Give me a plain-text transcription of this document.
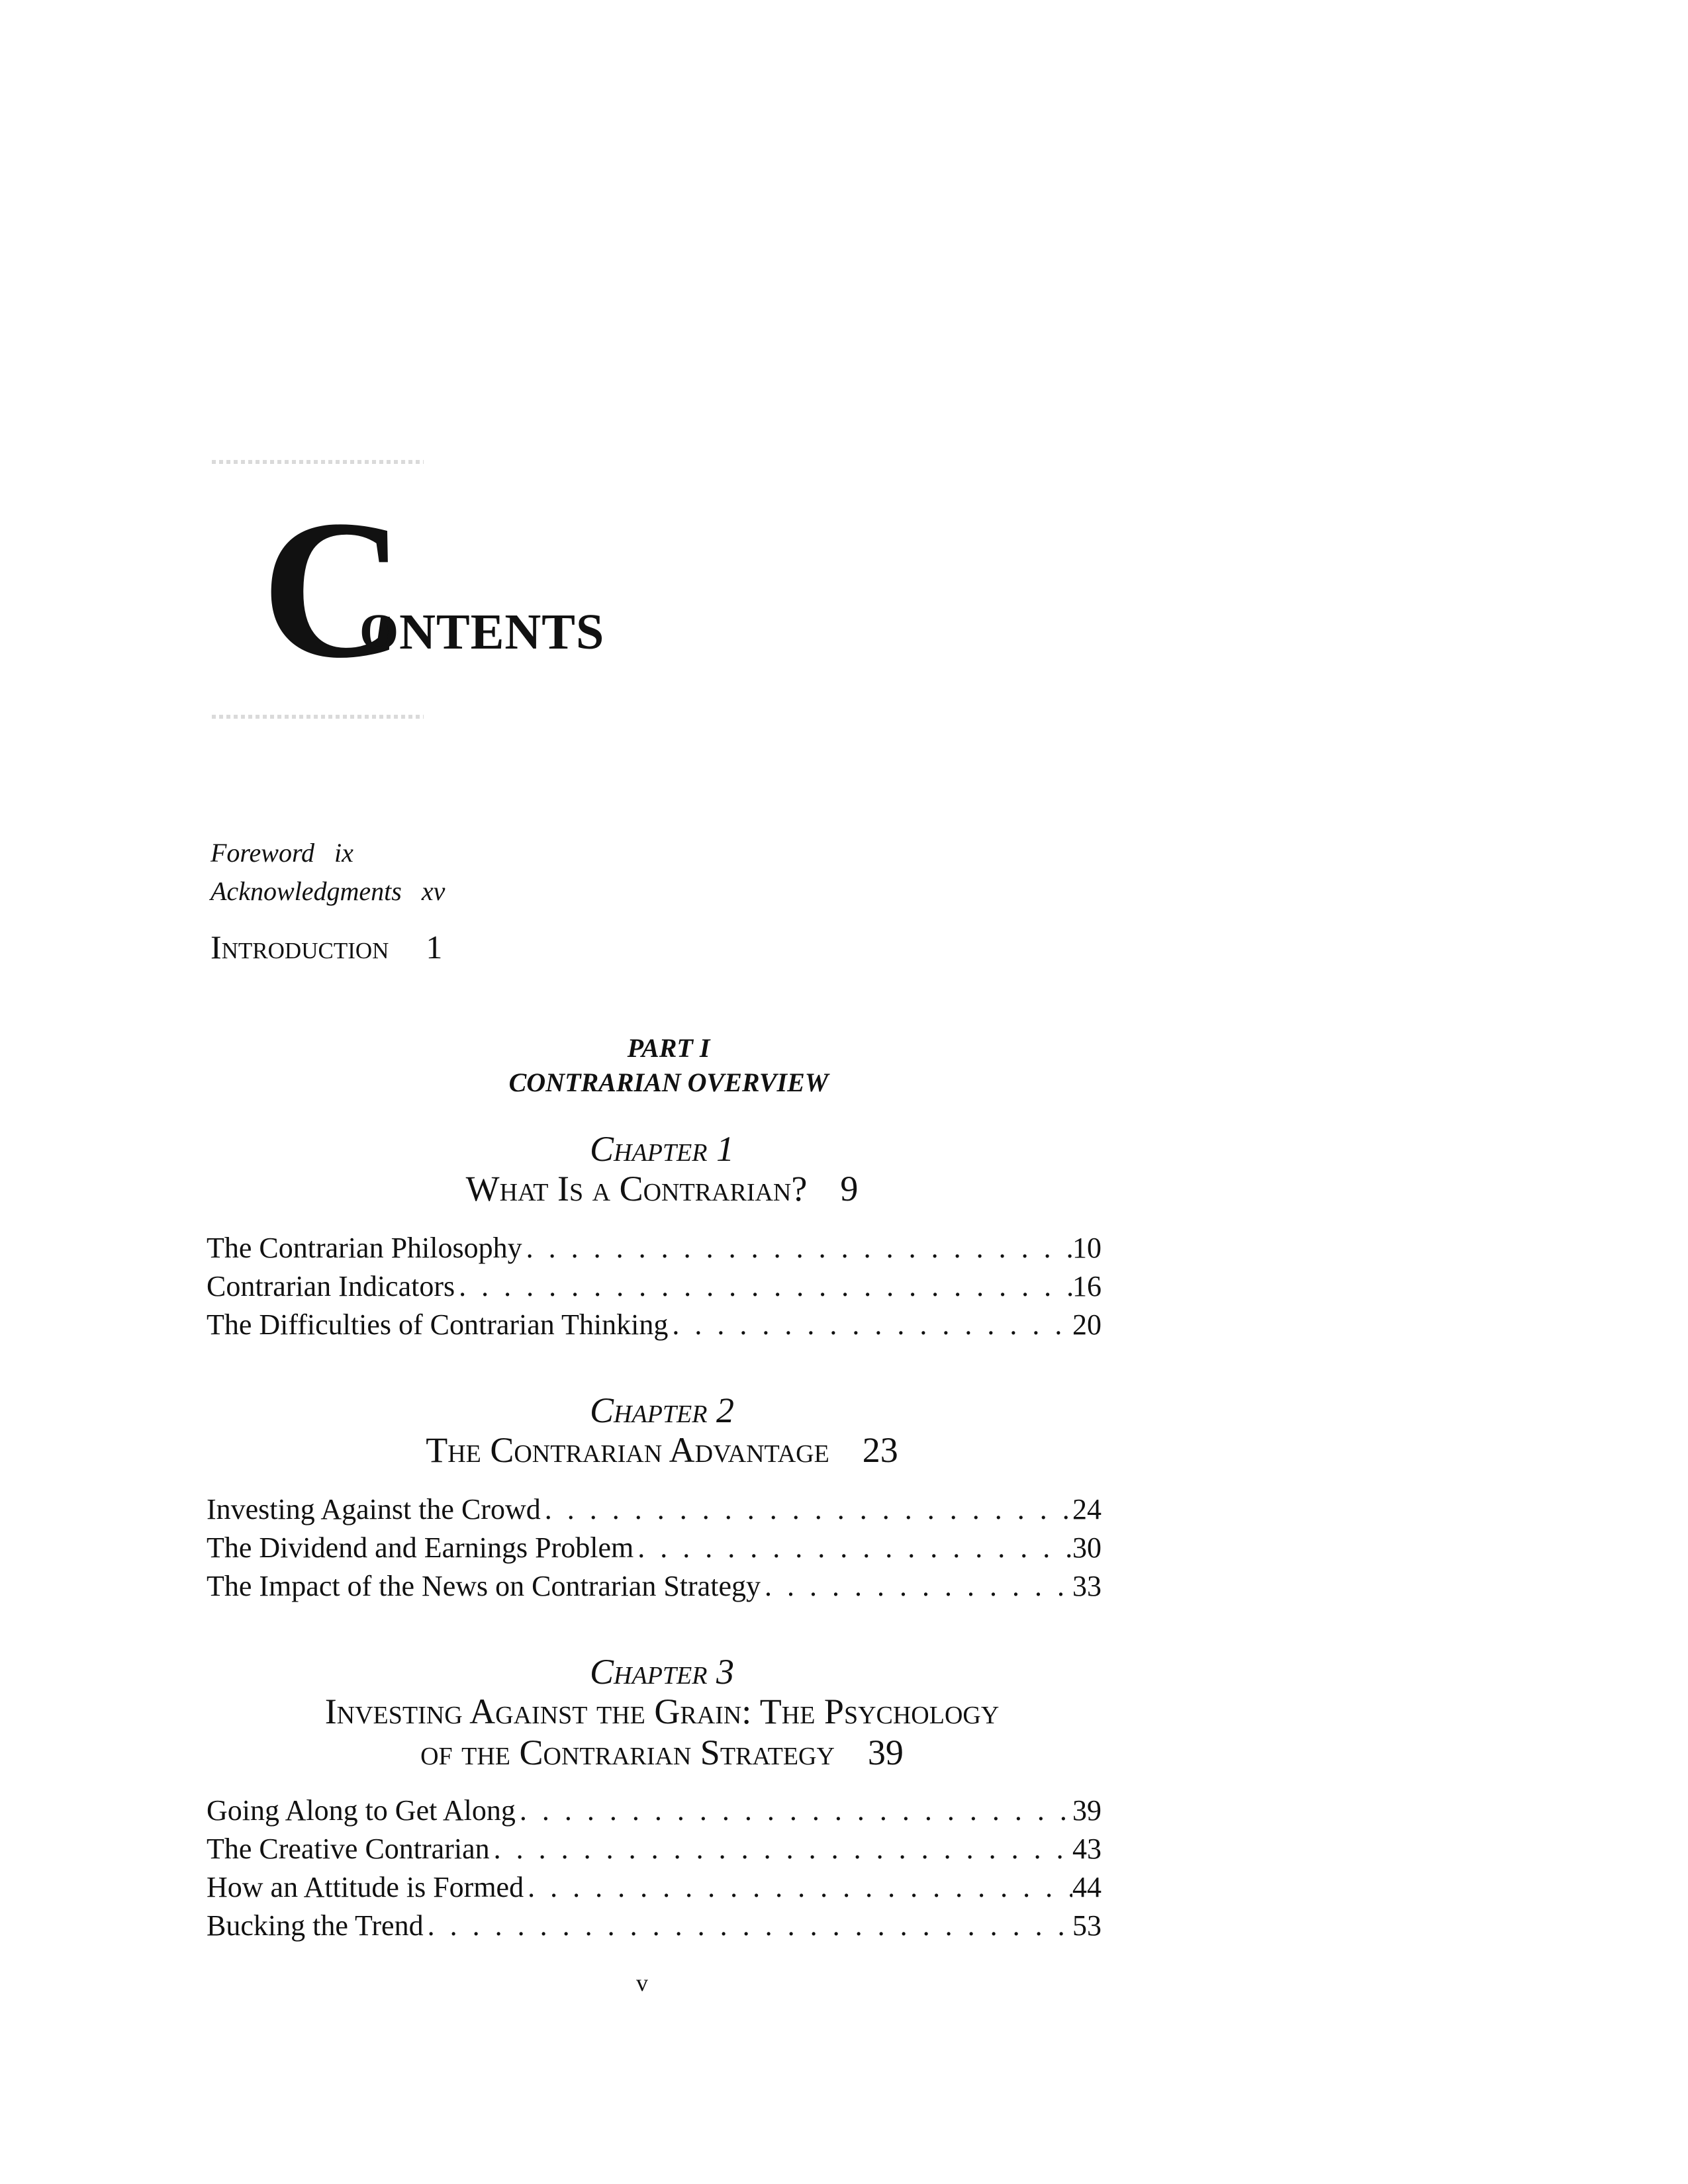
C
ONTENTS
Foreword ix
Acknowledgments xv
Introduction 1
PART I
CONTRARIAN OVERVIEW
Chapter 1
What Is a Contrarian? 9
The Contrarian Philosophy . . .	10
Contrarian Indicators . . .	16
The Difficulties of Contrarian Thinking . . .	20
Chapter 2
The Contrarian Advantage 23
Investing Against the Crowd . . .	24
The Dividend and Earnings Problem . . .	30
The Impact of the News on Contrarian Strategy . . .	33
Chapter 3
Investing Against the Grain: The Psychology
of the Contrarian Strategy 39
Going Along to Get Along . . .	39
The Creative Contrarian . . .	43
How an Attitude is Formed . . .	44
Bucking the Trend . . .	53
v
